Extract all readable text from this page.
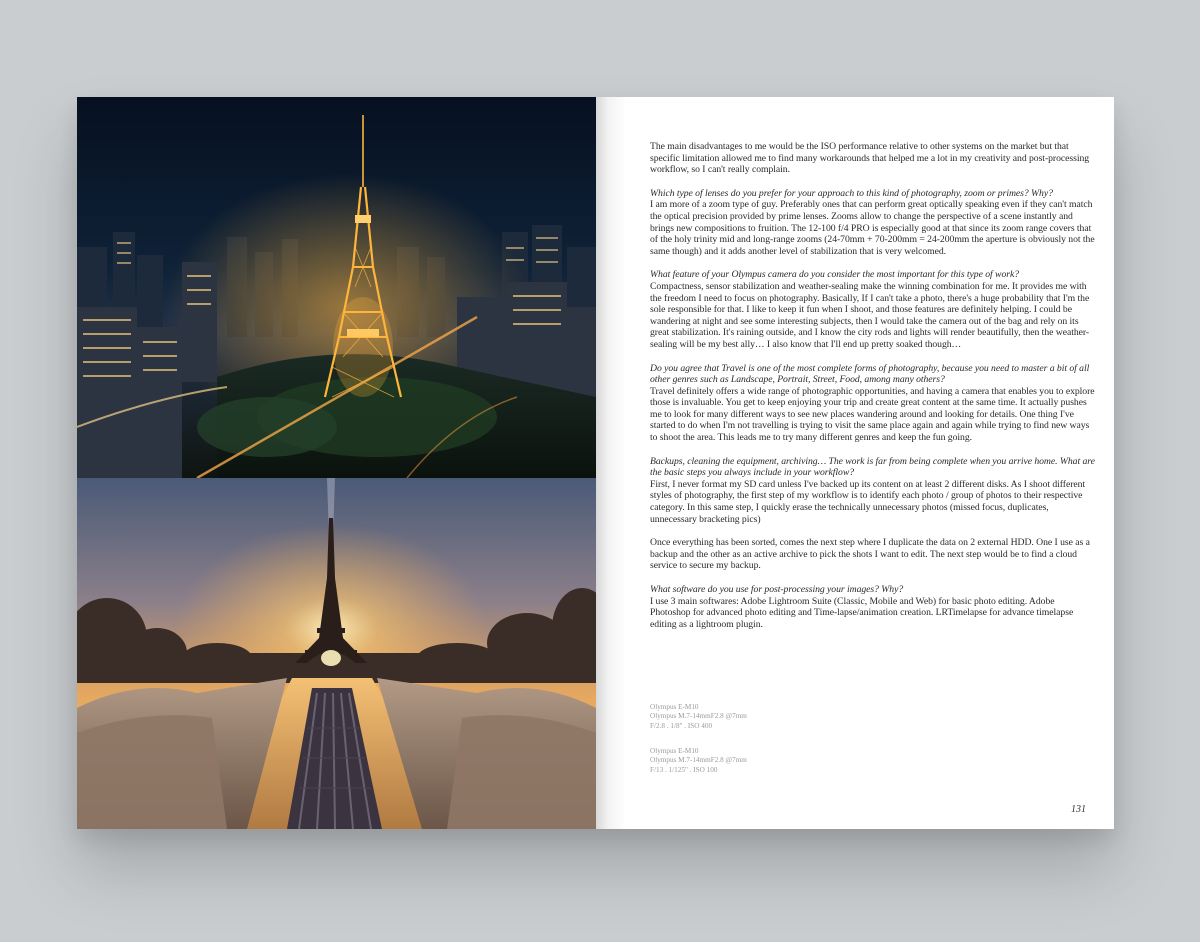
The main disadvantages to me would be the ISO performance relative to other systems on the market but that specific limitation allowed me to find many workarounds that helped me a lot in my creativity and post-processing workflow, so I can't really complain.

Which type of lenses do you prefer for your approach to this kind of photography, zoom or primes? Why?
I am more of a zoom type of guy. Preferably ones that can perform great optically speaking even if they can't match the optical precision provided by prime lenses. Zooms allow to change the perspective of a scene instantly and brings new compositions to fruition. The 12-100 f/4 PRO is especially good at that since its zoom range covers that of the holy trinity mid and long-range zooms (24-70mm + 70-200mm = 24-200mm the aperture is obviously not the same though) and it adds another level of stabilization that is very welcomed.

What feature of your Olympus camera do you consider the most important for this type of work?
Compactness, sensor stabilization and weather-sealing make the winning combination for me. It provides me with the freedom I need to focus on photography. Basically, If I can't take a photo, there's a huge probability that I'm the sole responsible for that. I like to keep it fun when I shoot, and those features are definitely helping. I could be wandering at night and see some interesting subjects, then I would take the camera out of the bag and rely on its great stabilization. It's raining outside, and I know the city rods and lights will render beautifully, then the weather-sealing will be my best ally… I also know that I'll end up pretty soaked though…

Do you agree that Travel is one of the most complete forms of photography, because you need to master a bit of all other genres such as Landscape, Portrait, Street, Food, among many others?
Travel definitely offers a wide range of photographic opportunities, and having a camera that enables you to explore those is invaluable. You get to keep enjoying your trip and create great content at the same time. It actually pushes me to look for many different ways to see new places wandering around and looking for details. One thing I've started to do when I'm not travelling is trying to visit the same place again and again while trying to find new ways to shoot the area. This leads me to try many different genres and keep the fun going.

Backups, cleaning the equipment, archiving… The work is far from being complete when you arrive home. What are the basic steps you always include in your workflow?
First, I never format my SD card unless I've backed up its content on at least 2 different disks. As I shoot different styles of photography, the first step of my workflow is to identify each photo / group of photos to their respective category. In this same step, I quickly erase the technically unnecessary photos (missed focus, duplicates, unnecessary bracketing pics)

Once everything has been sorted, comes the next step where I duplicate the data on 2 external HDD. One I use as a backup and the other as an active archive to pick the shots I want to edit. The next step would be to find a cloud service to secure my backup.

What software do you use for post-processing your images? Why?
I use 3 main softwares: Adobe Lightroom Suite (Classic, Mobile and Web) for basic photo editing. Adobe Photoshop for advanced photo editing and Time-lapse/animation creation. LRTimelapse for advance timelapse editing as a lightroom plugin.

Olympus E-M10
Olympus M.7-14mmF2.8 @7mm
F/2.8 . 1/8" . ISO 400
Olympus E-M10
Olympus M.7-14mmF2.8 @7mm
F/13 . 1/125" . ISO 100
131
